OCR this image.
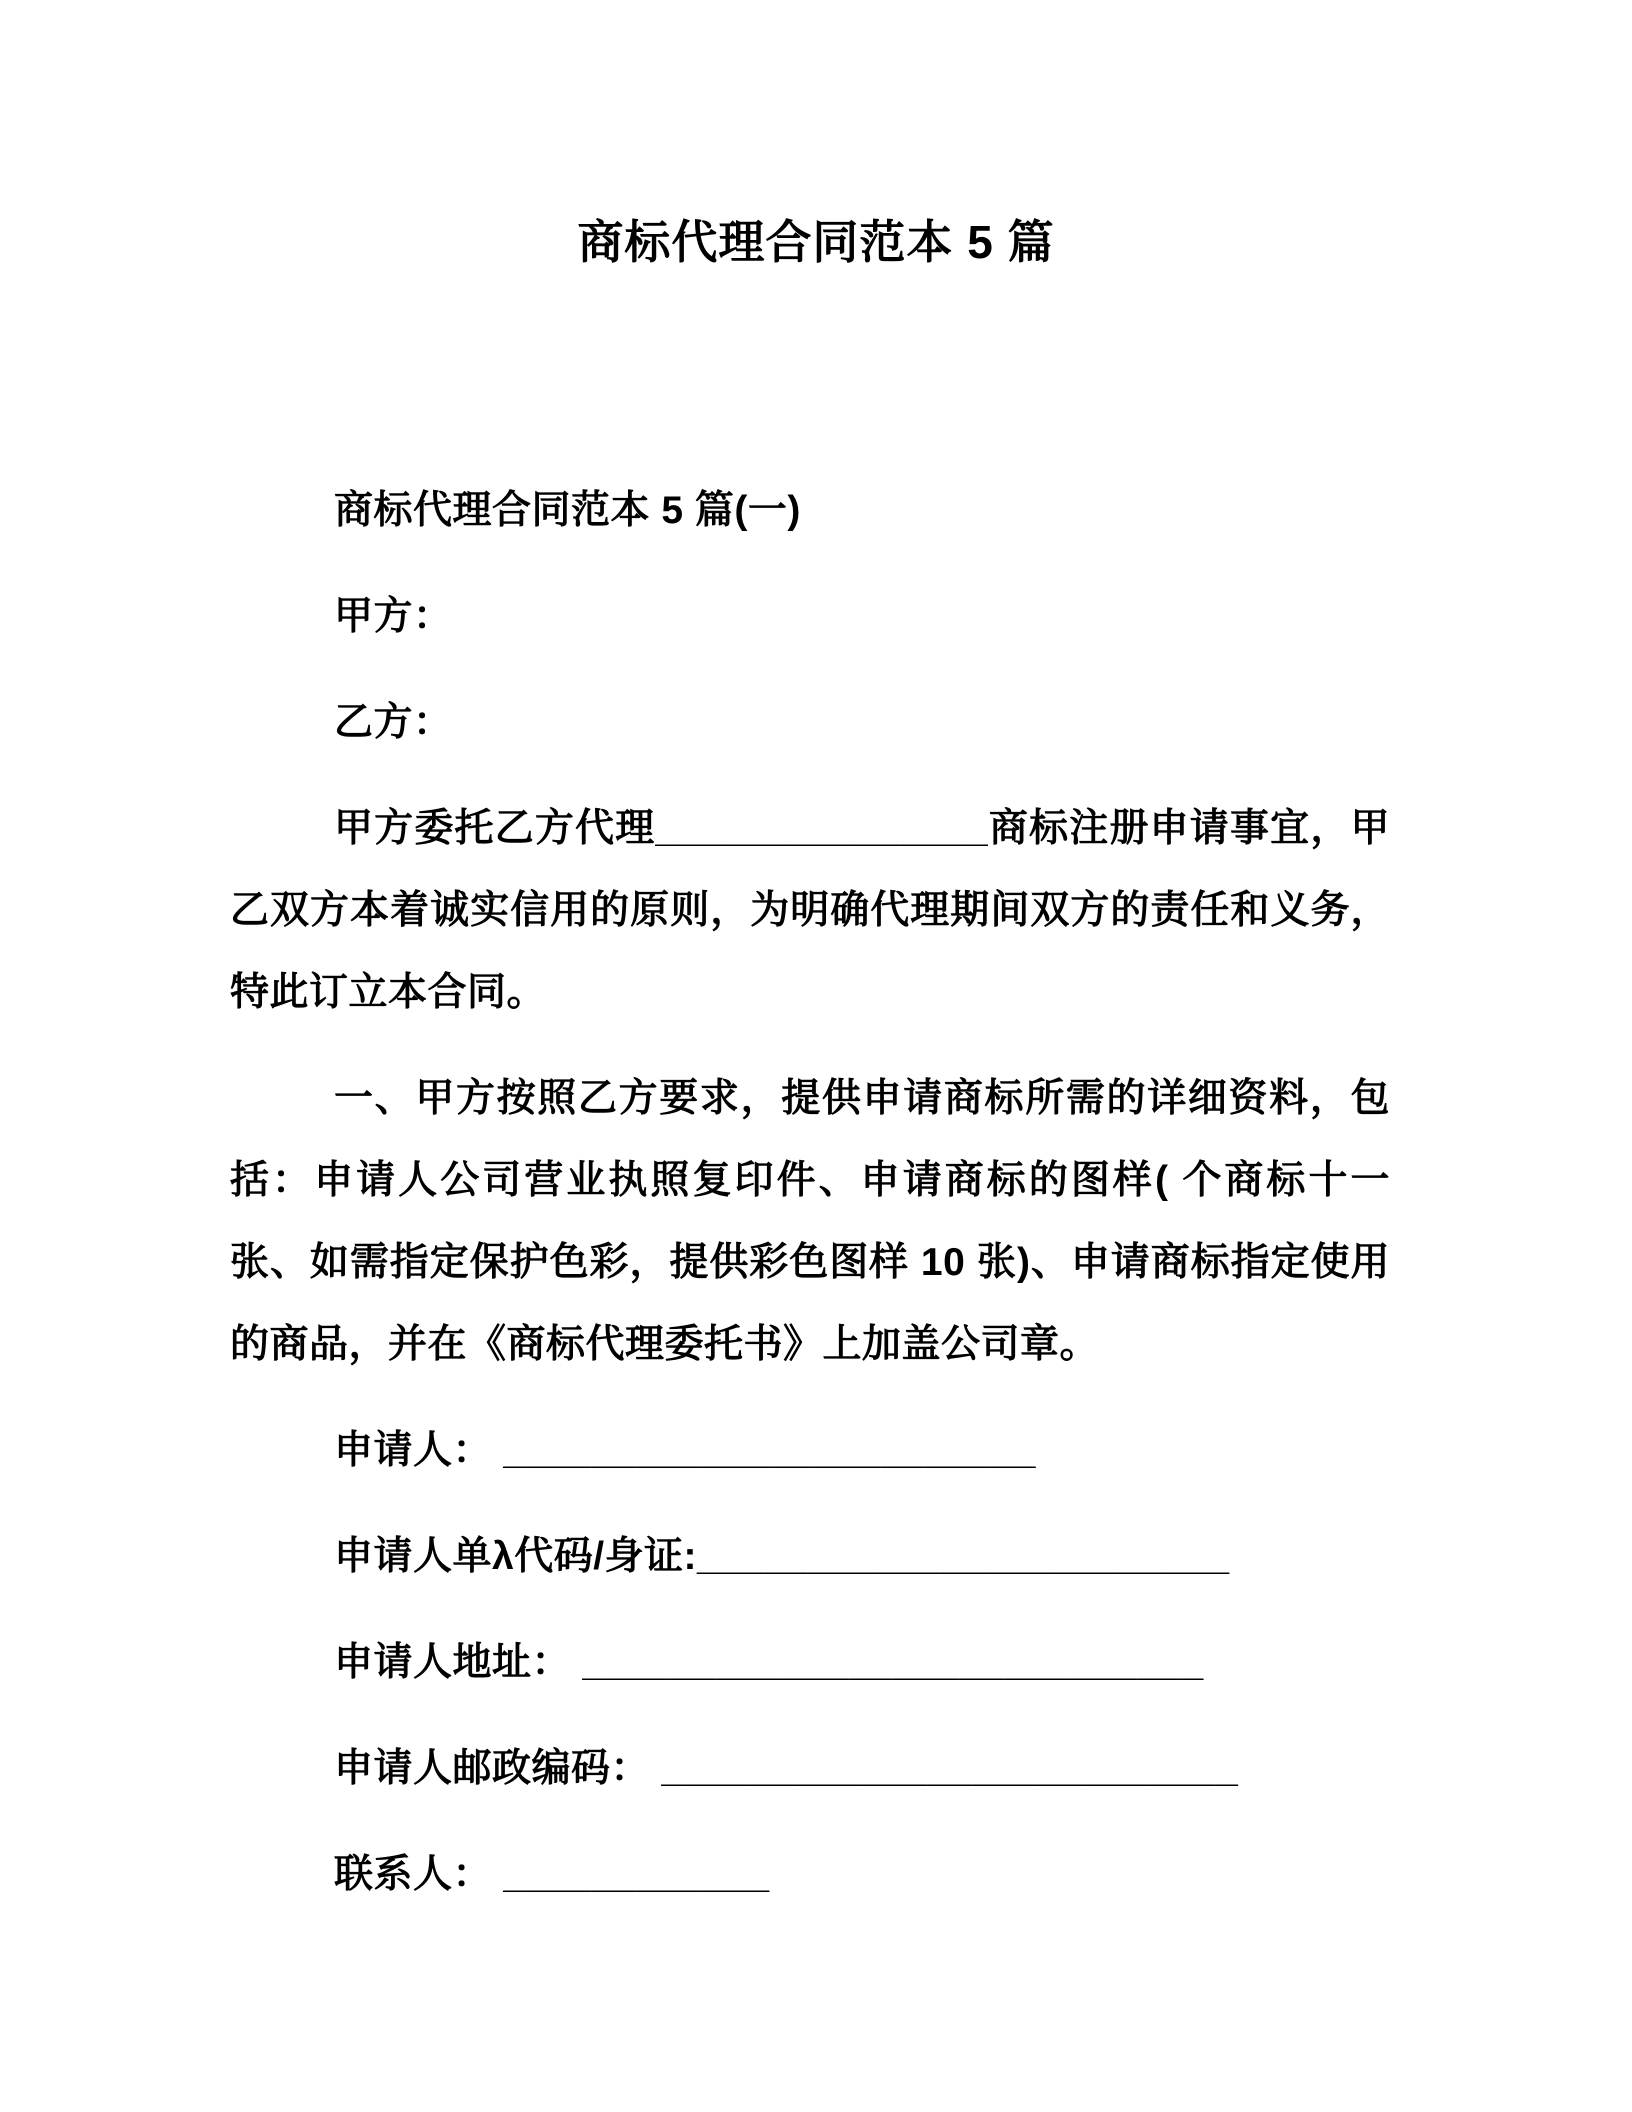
商标代理合同范本 5 篇

商标代理合同范本 5 篇(一)

甲方：

乙方：

甲方委托乙方代理_______________商标注册申请事宜，甲乙双方本着诚实信用的原则，为明确代理期间双方的责任和义务，特此订立本合同。

一、甲方按照乙方要求，提供申请商标所需的详细资料，包括：申请人公司营业执照复印件、申请商标的图样( 个商标十一张、如需指定保护色彩，提供彩色图样 10 张)、申请商标指定使用的商品，并在《商标代理委托书》上加盖公司章。

申请人： ________________________

申请人单λ代码/身证:________________________

申请人地址： ____________________________

申请人邮政编码： __________________________

联系人： ____________
